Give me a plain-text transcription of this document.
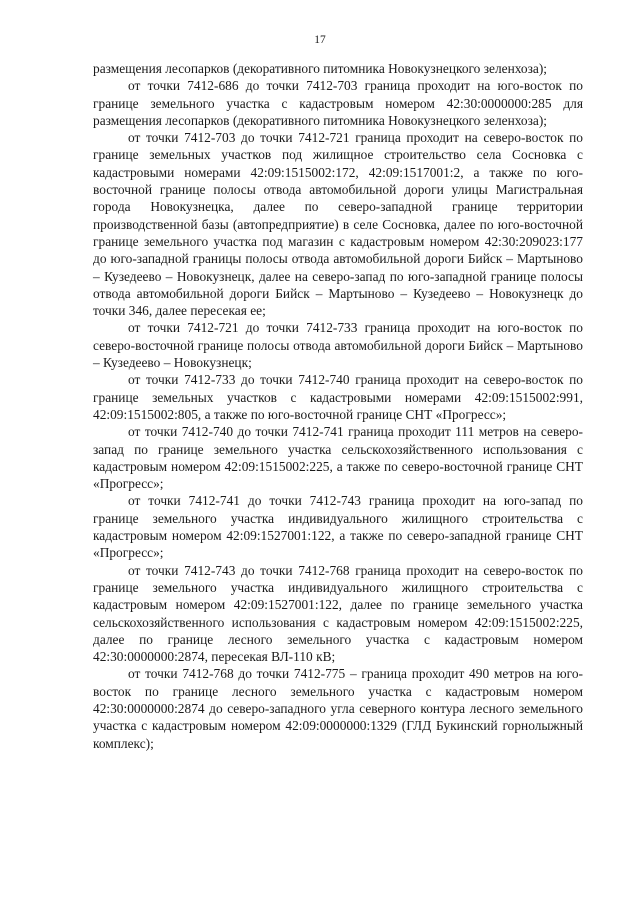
17

размещения лесопарков (декоративного питомника Новокузнецкого зеленхоза);

от точки 7412-686 до точки 7412-703 граница проходит на юго-восток по границе земельного участка с кадастровым номером 42:30:0000000:285 для размещения лесопарков (декоративного питомника Новокузнецкого зеленхоза);

от точки 7412-703 до точки 7412-721 граница проходит на северо-восток по границе земельных участков под жилищное строительство села Сосновка с кадастровыми номерами 42:09:1515002:172, 42:09:1517001:2, а также по юго-восточной границе полосы отвода автомобильной дороги улицы Магистральная города Новокузнецка, далее по северо-западной границе территории производственной базы (автопредприятие) в селе Сосновка, далее по юго-восточной границе земельного участка под магазин с кадастровым номером 42:30:209023:177 до юго-западной границы полосы отвода автомобильной дороги Бийск – Мартыново – Кузедеево – Новокузнецк, далее на северо-запад по юго-западной границе полосы отвода автомобильной дороги Бийск – Мартыново – Кузедеево – Новокузнецк до точки 346, далее пересекая ее;

от точки 7412-721 до точки 7412-733 граница проходит на юго-восток по северо-восточной границе полосы отвода автомобильной дороги Бийск – Мартыново – Кузедеево – Новокузнецк;

от точки 7412-733 до точки 7412-740 граница проходит на северо-восток по границе земельных участков с кадастровыми номерами 42:09:1515002:991, 42:09:1515002:805, а также по юго-восточной границе СНТ «Прогресс»;

от точки 7412-740 до точки 7412-741 граница проходит 111 метров на северо-запад по границе земельного участка сельскохозяйственного использования с кадастровым номером 42:09:1515002:225, а также по северо-восточной границе СНТ «Прогресс»;

от точки 7412-741 до точки 7412-743 граница проходит на юго-запад по границе земельного участка индивидуального жилищного строительства с кадастровым номером 42:09:1527001:122, а также по северо-западной границе СНТ «Прогресс»;

от точки 7412-743 до точки 7412-768 граница проходит на северо-восток по границе земельного участка индивидуального жилищного строительства с кадастровым номером 42:09:1527001:122, далее по границе земельного участка сельскохозяйственного использования с кадастровым номером 42:09:1515002:225, далее по границе лесного земельного участка с кадастровым номером 42:30:0000000:2874, пересекая ВЛ-110 кВ;

от точки 7412-768 до точки 7412-775 – граница проходит 490 метров на юго-восток по границе лесного земельного участка с кадастровым номером 42:30:0000000:2874 до северо-западного угла северного контура лесного земельного участка с кадастровым номером 42:09:0000000:1329 (ГЛД Букинский горнолыжный комплекс);
